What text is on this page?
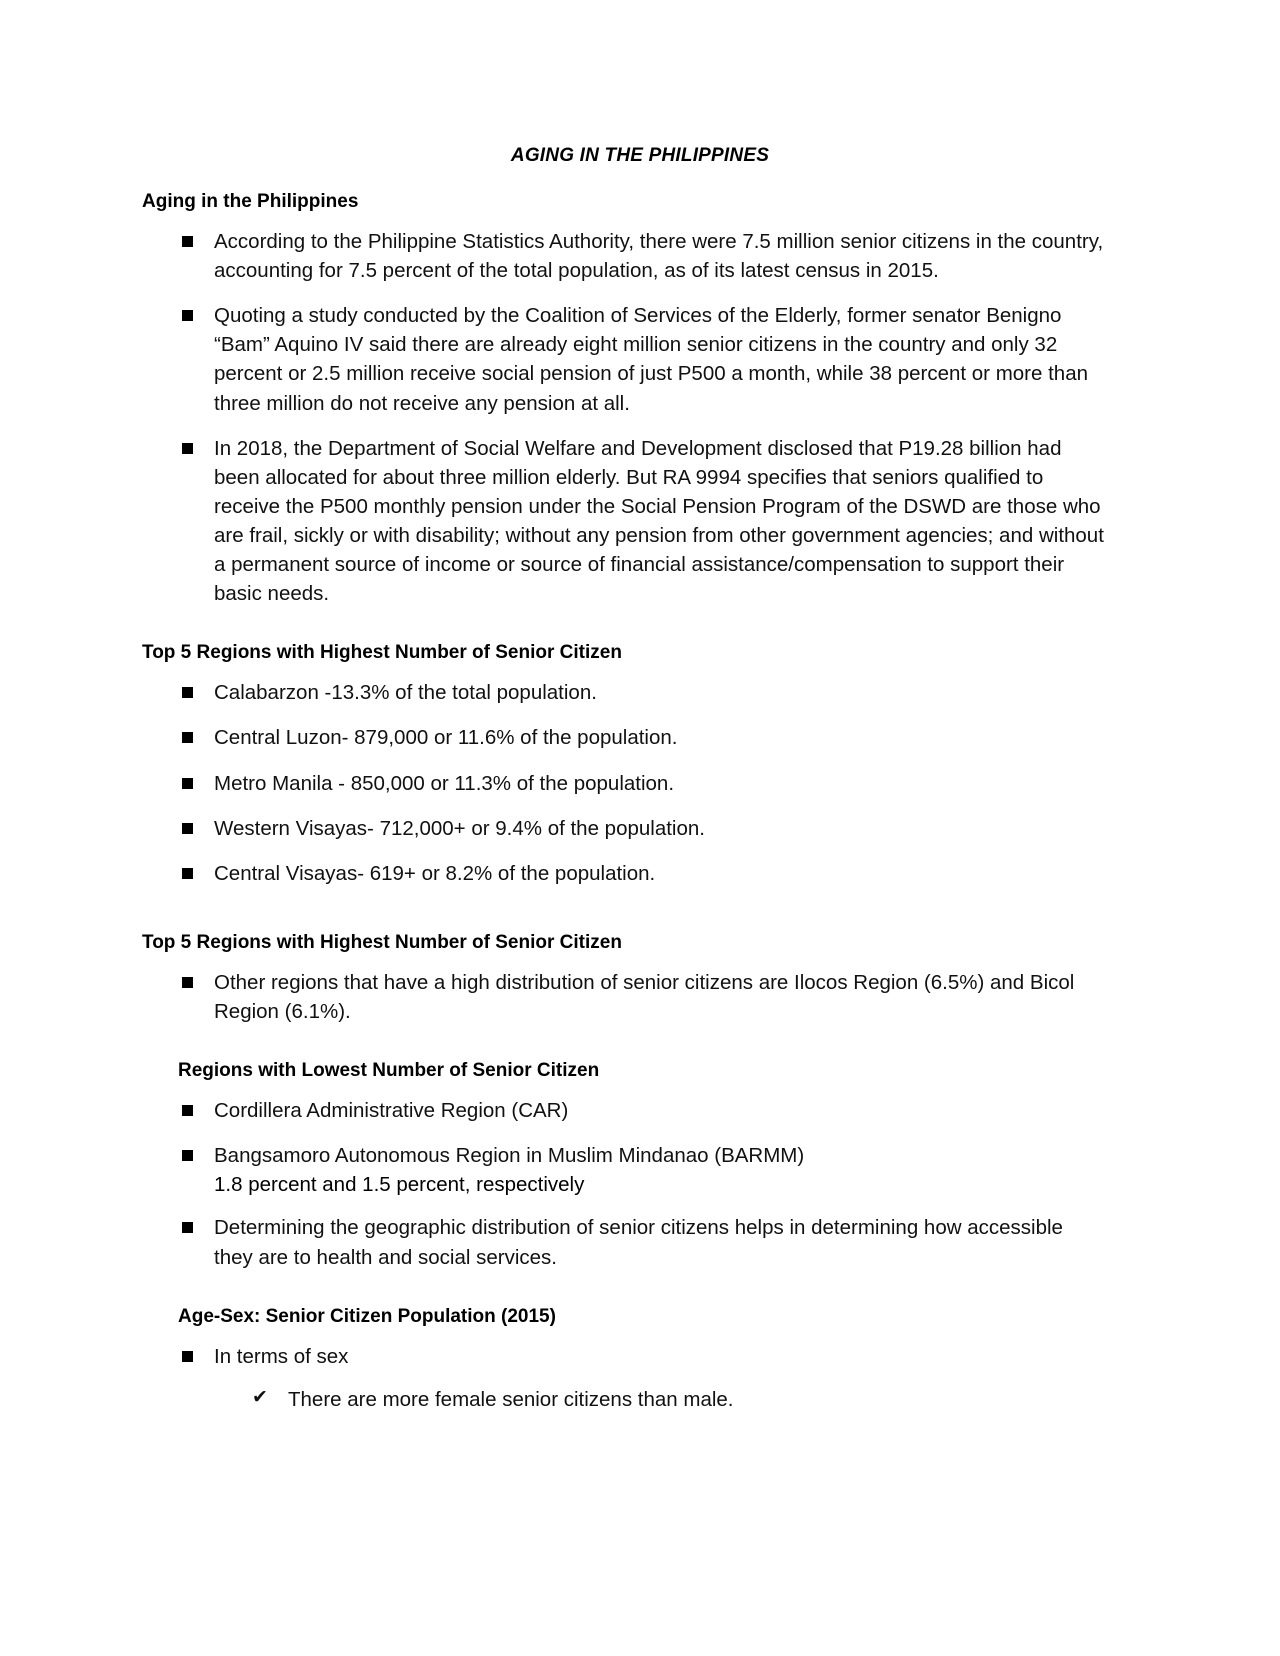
AGING IN THE PHILIPPINES
Aging in the Philippines
According to the Philippine Statistics Authority, there were 7.5 million senior citizens in the country, accounting for 7.5 percent of the total population, as of its latest census in 2015.
Quoting a study conducted by the Coalition of Services of the Elderly, former senator Benigno “Bam” Aquino IV said there are already eight million senior citizens in the country and only 32 percent or 2.5 million receive social pension of just P500 a month, while 38 percent or more than three million do not receive any pension at all.
In 2018, the Department of Social Welfare and Development disclosed that P19.28 billion had been allocated for about three million elderly. But RA 9994 specifies that seniors qualified to receive the P500 monthly pension under the Social Pension Program of the DSWD are those who are frail, sickly or with disability; without any pension from other government agencies; and without a permanent source of income or source of financial assistance/compensation to support their basic needs.
Top 5 Regions with Highest Number of Senior Citizen
Calabarzon -13.3% of the total population.
Central Luzon- 879,000 or 11.6% of the population.
Metro Manila - 850,000 or 11.3% of the population.
Western Visayas- 712,000+ or 9.4% of the population.
Central Visayas- 619+ or 8.2% of the population.
Top 5 Regions with Highest Number of Senior Citizen
Other regions that have a high distribution of senior citizens are Ilocos Region (6.5%) and Bicol Region (6.1%).
Regions with Lowest Number of Senior Citizen
Cordillera Administrative Region (CAR)
Bangsamoro Autonomous Region in Muslim Mindanao (BARMM)
1.8 percent and 1.5 percent, respectively
Determining the geographic distribution of senior citizens helps in determining how accessible they are to health and social services.
Age-Sex: Senior Citizen Population (2015)
In terms of sex
✔ There are more female senior citizens than male.
